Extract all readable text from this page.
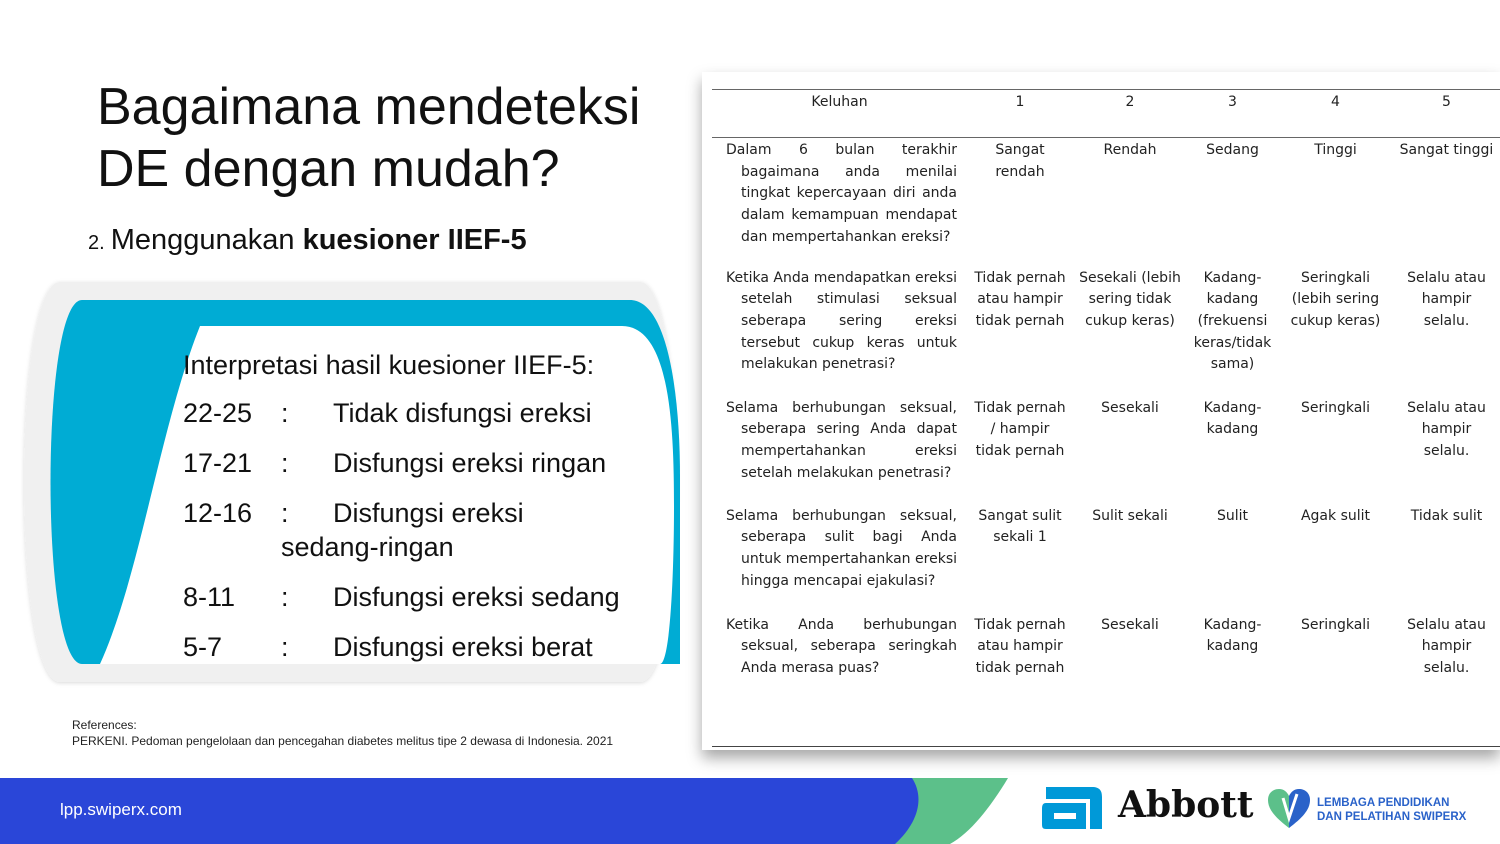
Bagaimana mendeteksi DE dengan mudah?
2. Menggunakan kuesioner IIEF-5
Interpretasi hasil kuesioner IIEF-5:
22-25	:	Tidak disfungsi ereksi
17-21	:	Disfungsi ereksi ringan
12-16	:	Disfungsi ereksi
sedang-ringan
8-11	:	Disfungsi ereksi sedang
5-7	:	Disfungsi ereksi berat
References:
PERKENI. Pedoman pengelolaan dan pencegahan diabetes melitus tipe 2 dewasa di Indonesia. 2021
Keluhan	1	2	3	4	5

Dalam 6 bulan terakhir bagaimana anda menilai tingkat kepercayaan diri anda dalam kemampuan mendapat dan mempertahankan ereksi?	Sangat rendah	Rendah	Sedang	Tinggi	Sangat tinggi

Ketika Anda mendapatkan ereksi setelah stimulasi seksual seberapa sering ereksi tersebut cukup keras untuk melakukan penetrasi?	Tidak pernah atau hampir tidak pernah	Sesekali (lebih sering tidak cukup keras)	Kadang-kadang (frekuensi keras/tidak sama)	Seringkali (lebih sering cukup keras)	Selalu atau hampir selalu.

Selama berhubungan seksual, seberapa sering Anda dapat mempertahankan ereksi setelah melakukan penetrasi?	Tidak pernah / hampir tidak pernah	Sesekali	Kadang-kadang	Seringkali	Selalu atau hampir selalu.

Selama berhubungan seksual, seberapa sulit bagi Anda untuk mempertahankan ereksi hingga mencapai ejakulasi?	Sangat sulit sekali 1	Sulit sekali	Sulit	Agak sulit	Tidak sulit

Ketika Anda berhubungan seksual, seberapa seringkah Anda merasa puas?	Tidak pernah atau hampir tidak pernah	Sesekali	Kadang-kadang	Seringkali	Selalu atau hampir selalu.
lpp.swiperx.com	Abbott	LEMBAGA PENDIDIKAN
DAN PELATIHAN SWIPERX
